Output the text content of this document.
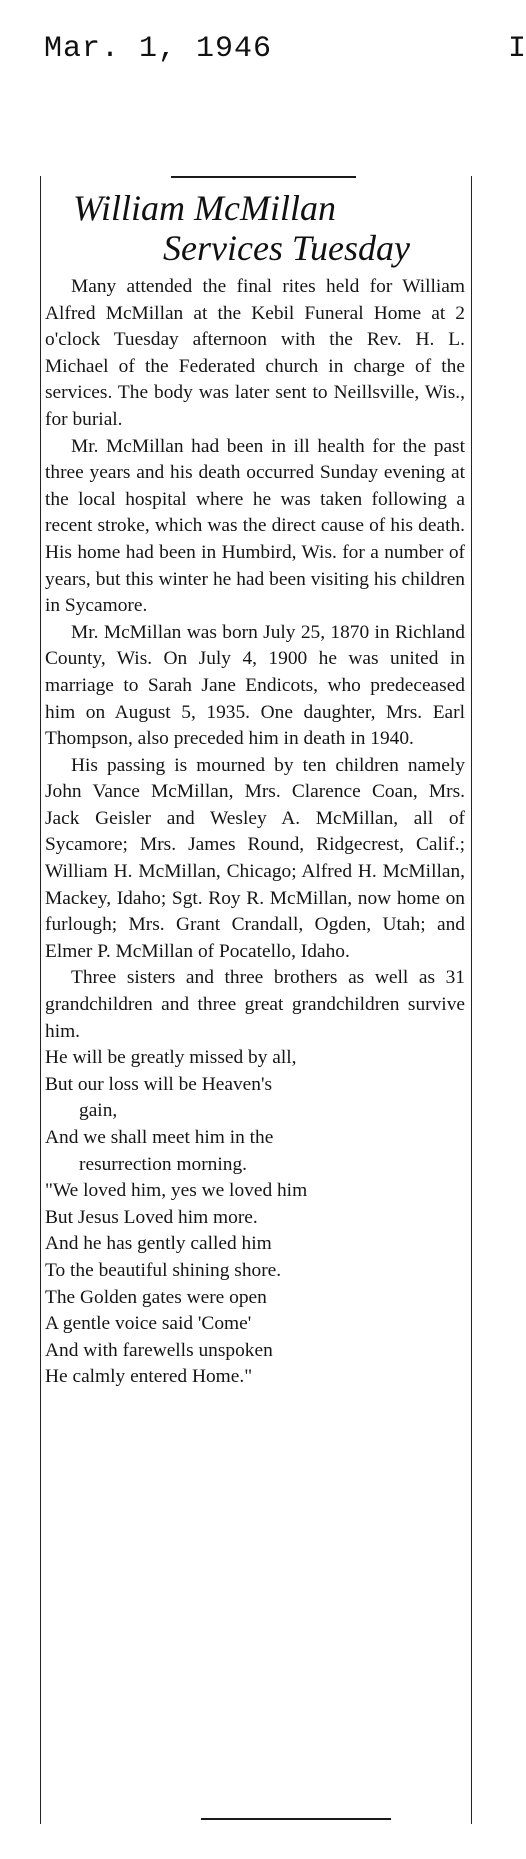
Mar. 1, 1946	I
William McMillan
Services Tuesday

Many attended the final rites held for William Alfred McMillan at the Kebil Funeral Home at 2 o'clock Tuesday afternoon with the Rev. H. L. Michael of the Federated church in charge of the services. The body was later sent to Neillsville, Wis., for burial.

Mr. McMillan had been in ill health for the past three years and his death occurred Sunday evening at the local hospital where he was taken following a recent stroke, which was the direct cause of his death. His home had been in Humbird, Wis. for a number of years, but this winter he had been visiting his children in Sycamore.

Mr. McMillan was born July 25, 1870 in Richland County, Wis. On July 4, 1900 he was united in marriage to Sarah Jane Endicots, who predeceased him on August 5, 1935. One daughter, Mrs. Earl Thompson, also preceded him in death in 1940.

His passing is mourned by ten children namely John Vance McMillan, Mrs. Clarence Coan, Mrs. Jack Geisler and Wesley A. McMillan, all of Sycamore; Mrs. James Round, Ridgecrest, Calif.; William H. McMillan, Chicago; Alfred H. McMillan, Mackey, Idaho; Sgt. Roy R. McMillan, now home on furlough; Mrs. Grant Crandall, Ogden, Utah; and Elmer P. McMillan of Pocatello, Idaho.

Three sisters and three brothers as well as 31 grandchildren and three great grandchildren survive him.

He will be greatly missed by all,
But our loss will be Heaven's
gain,
And we shall meet him in the
resurrection morning.
"We loved him, yes we loved him
But Jesus Loved him more.
And he has gently called him
To the beautiful shining shore.
The Golden gates were open
A gentle voice said 'Come'
And with farewells unspoken
He calmly entered Home."
